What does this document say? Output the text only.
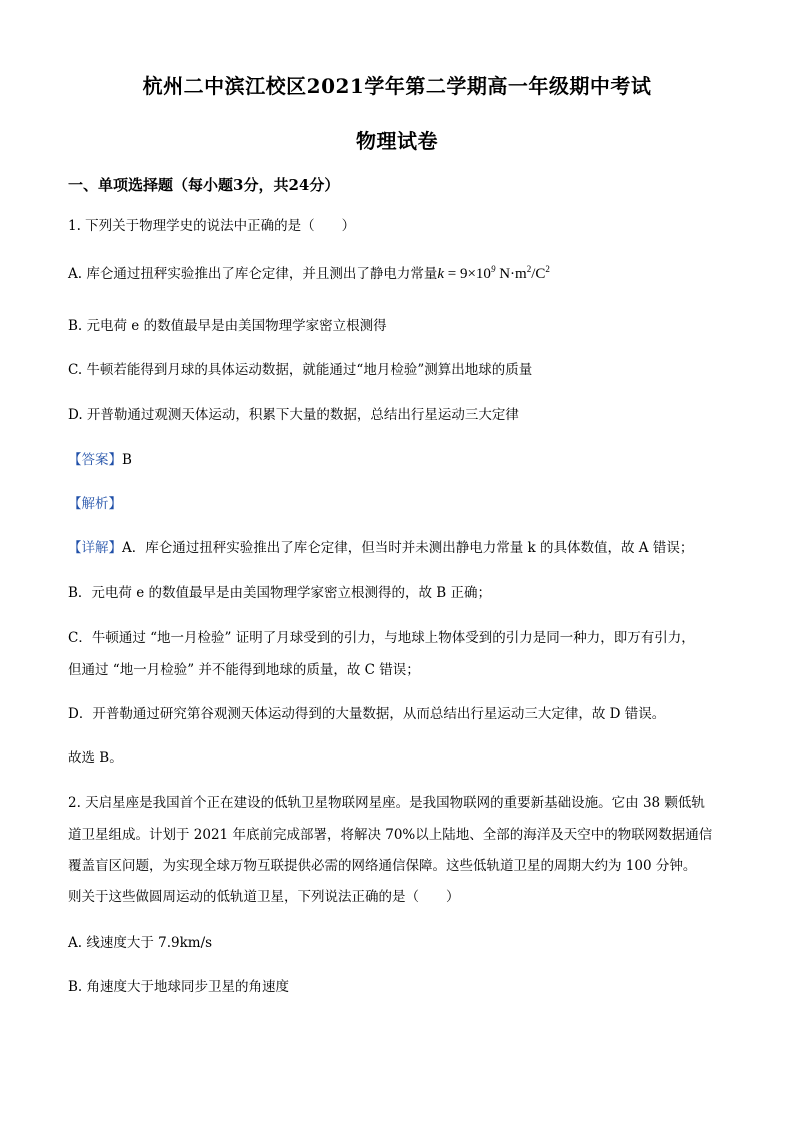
杭州二中滨江校区2021学年第二学期高一年级期中考试
物理试卷
一、单项选择题（每小题3分，共24分）
1. 下列关于物理学史的说法中正确的是（　　）
A. 库仑通过扭秤实验推出了库仑定律，并且测出了静电力常量$k = 9\times 10^9$ $N\cdot m^2/C^2$
B. 元电荷 e 的数值最早是由美国物理学家密立根测得
C. 牛顿若能得到月球的具体运动数据，就能通过“地月检验”测算出地球的质量
D. 开普勒通过观测天体运动，积累下大量的数据，总结出行星运动三大定律
【答案】B
【解析】
【详解】A．库仑通过扭秤实验推出了库仑定律，但当时并未测出静电力常量 k 的具体数值，故 A 错误；
B．元电荷 e 的数值最早是由美国物理学家密立根测得的，故 B 正确；
C．牛顿通过 “地一月检验” 证明了月球受到的引力，与地球上物体受到的引力是同一种力，即万有引力，
但通过 “地一月检验” 并不能得到地球的质量，故 C 错误；
D．开普勒通过研究第谷观测天体运动得到的大量数据，从而总结出行星运动三大定律，故 D 错误。
故选 B。
2. 天启星座是我国首个正在建设的低轨卫星物联网星座。是我国物联网的重要新基础设施。它由 38 颗低轨
道卫星组成。计划于 2021 年底前完成部署，将解决 70%以上陆地、全部的海洋及天空中的物联网数据通信
覆盖盲区问题，为实现全球万物互联提供必需的网络通信保障。这些低轨道卫星的周期大约为 100 分钟。
则关于这些做圆周运动的低轨道卫星，下列说法正确的是（　　）
A. 线速度大于 7.9km/s
B. 角速度大于地球同步卫星的角速度
